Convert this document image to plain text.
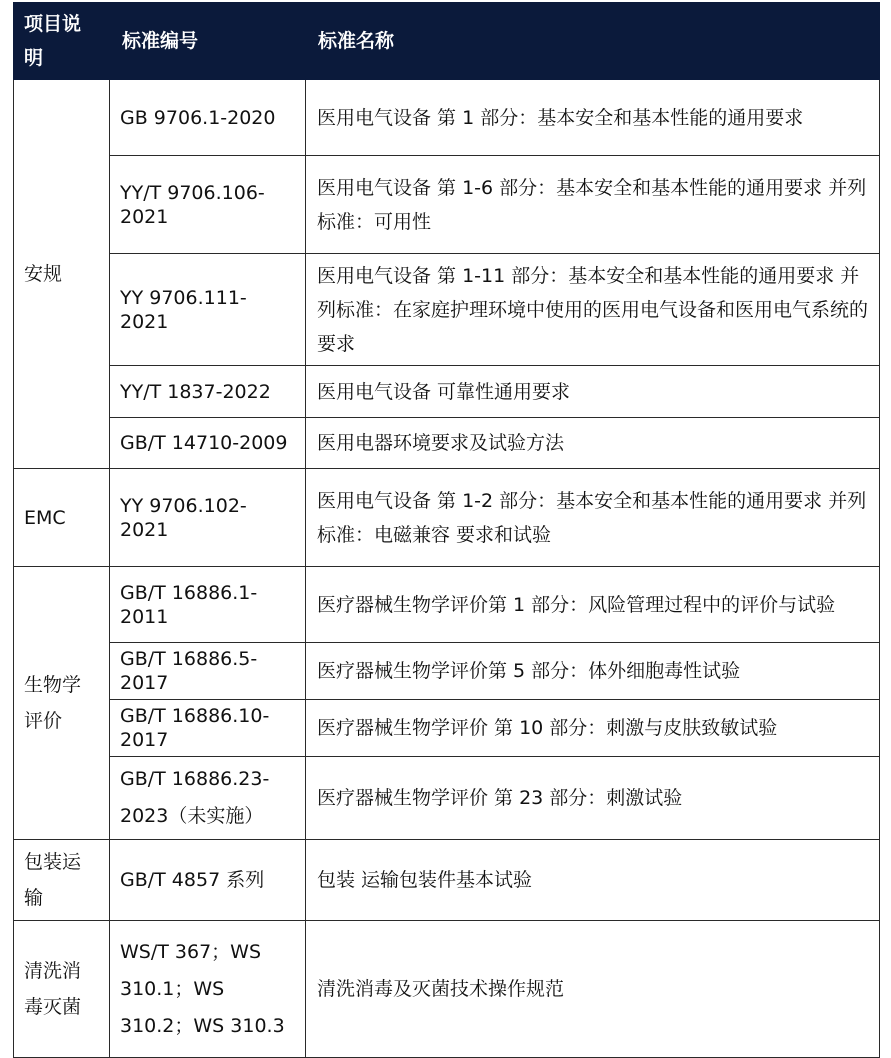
项目说明	标准编号	标准名称
安规	GB 9706.1-2020	医用电气设备 第 1 部分：基本安全和基本性能的通用要求
	YY/T 9706.106-2021	医用电气设备 第 1-6 部分：基本安全和基本性能的通用要求 并列标准：可用性
	YY 9706.111-2021	医用电气设备 第 1-11 部分：基本安全和基本性能的通用要求 并列标准：在家庭护理环境中使用的医用电气设备和医用电气系统的要求
	YY/T 1837-2022	医用电气设备 可靠性通用要求
	GB/T 14710-2009	医用电器环境要求及试验方法
EMC	YY 9706.102-2021	医用电气设备 第 1-2 部分：基本安全和基本性能的通用要求 并列标准：电磁兼容 要求和试验
生物学评价	GB/T 16886.1-2011	医疗器械生物学评价第 1 部分：风险管理过程中的评价与试验
	GB/T 16886.5-2017	医疗器械生物学评价第 5 部分：体外细胞毒性试验
	GB/T 16886.10-2017	医疗器械生物学评价 第 10 部分：刺激与皮肤致敏试验
	GB/T 16886.23-2023（未实施）	医疗器械生物学评价 第 23 部分：刺激试验
包装运输	GB/T 4857 系列	包装 运输包装件基本试验
清洗消毒灭菌	WS/T 367；WS 310.1；WS 310.2；WS 310.3	清洗消毒及灭菌技术操作规范
